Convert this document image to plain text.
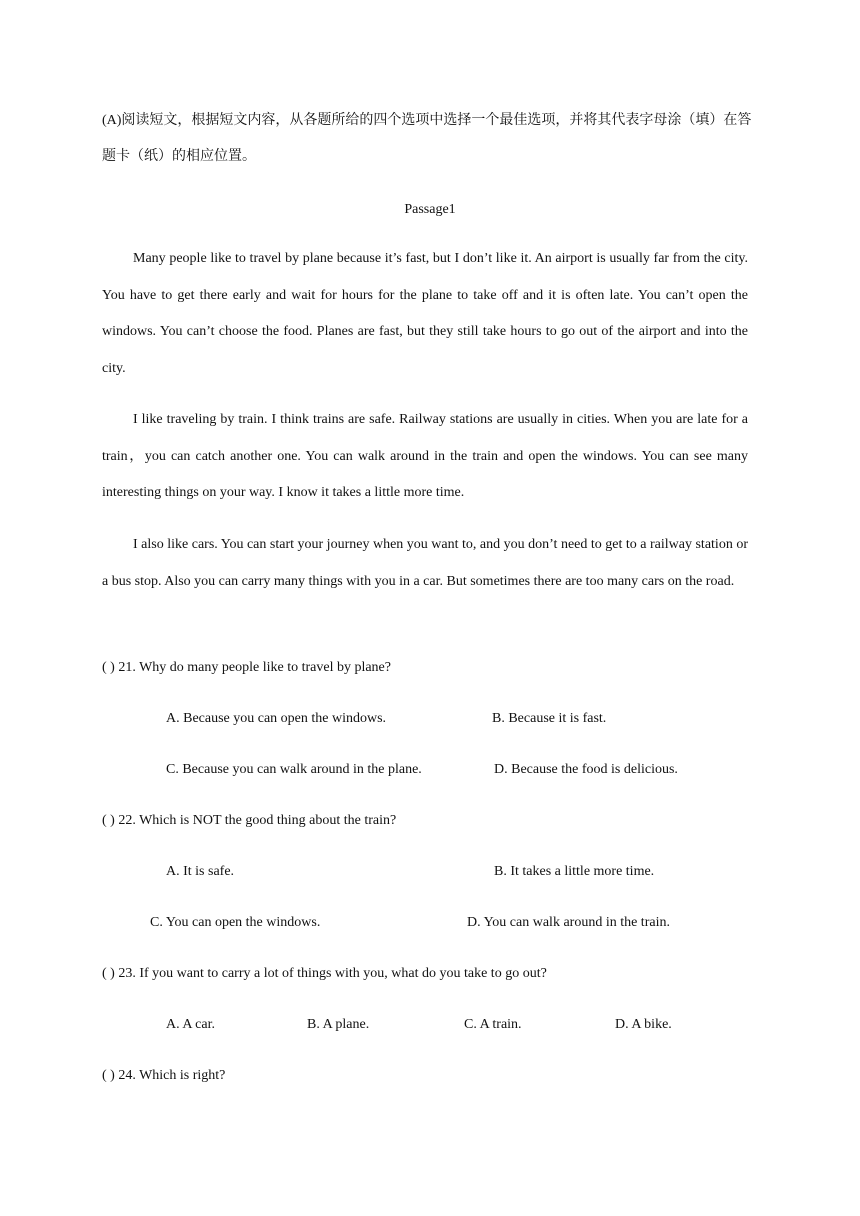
(A)阅读短文，根据短文内容，从各题所给的四个选项中选择一个最佳选项，并将其代表字母涂（填）在答题卡（纸）的相应位置。
Passage1
Many people like to travel by plane because it’s fast, but I don’t like it. An airport is usually far from the city. You have to get there early and wait for hours for the plane to take off and it is often late. You can’t open the windows. You can’t choose the food. Planes are fast, but they still take hours to go out of the airport and into the city.
I like traveling by train. I think trains are safe. Railway stations are usually in cities. When you are late for a train，you can catch another one. You can walk around in the train and open the windows. You can see many interesting things on your way. I know it takes a little more time.
I also like cars. You can start your journey when you want to, and you don’t need to get to a railway station or a bus stop. Also you can carry many things with you in a car. But sometimes there are too many cars on the road.
( ) 21. Why do many people like to travel by plane?
A. Because you can open the windows.	B. Because it is fast.
C. Because you can walk around in the plane.	D. Because the food is delicious.
( ) 22. Which is NOT the good thing about the train?
A. It is safe.	B. It takes a little more time.
C. You can open the windows.	D. You can walk around in the train.
( ) 23. If you want to carry a lot of things with you, what do you take to go out?
A. A car.	B. A plane.	C. A train.	D. A bike.
( ) 24. Which is right?
